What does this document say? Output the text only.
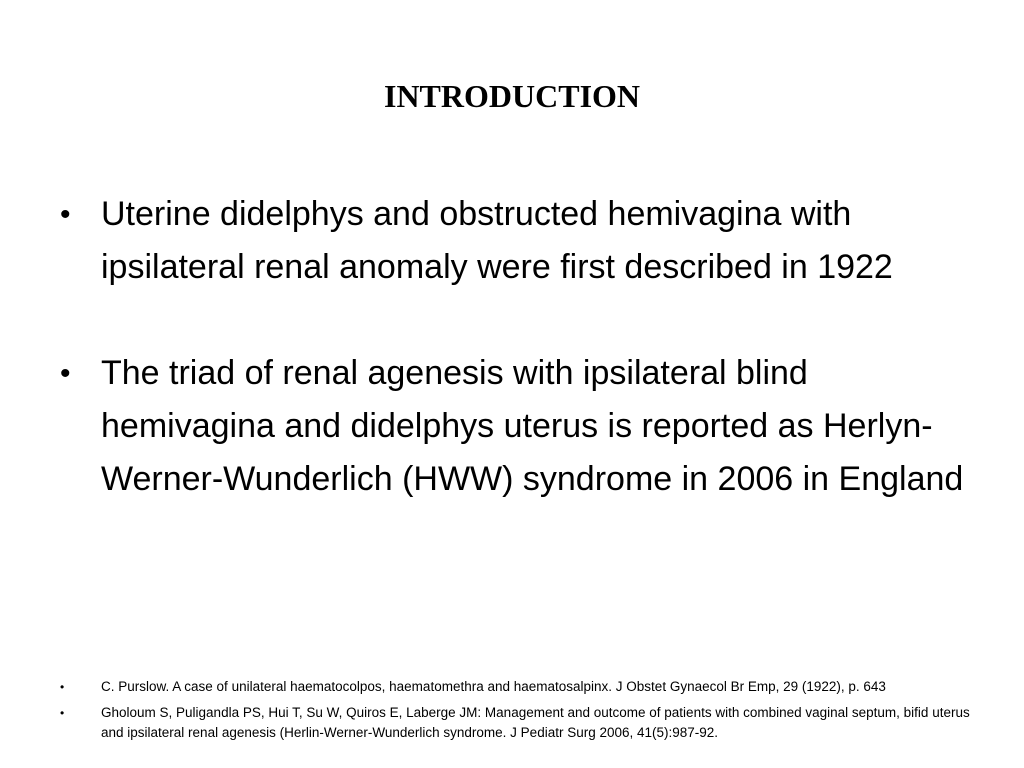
INTRODUCTION
• Uterine didelphys and obstructed hemivagina with ipsilateral renal anomaly were first described in 1922
• The triad of renal agenesis with ipsilateral blind hemivagina and didelphys uterus is reported as Herlyn-Werner-Wunderlich (HWW) syndrome in 2006 in England
•	C. Purslow. A case of unilateral haematocolpos, haematomethra and haematosalpinx. J Obstet Gynaecol Br Emp, 29 (1922), p. 643
•	Gholoum S, Puligandla PS, Hui T, Su W, Quiros E, Laberge JM: Management and outcome of patients with combined vaginal septum, bifid uterus and ipsilateral renal agenesis (Herlin-Werner-Wunderlich syndrome. J Pediatr Surg 2006, 41(5):987-92.
